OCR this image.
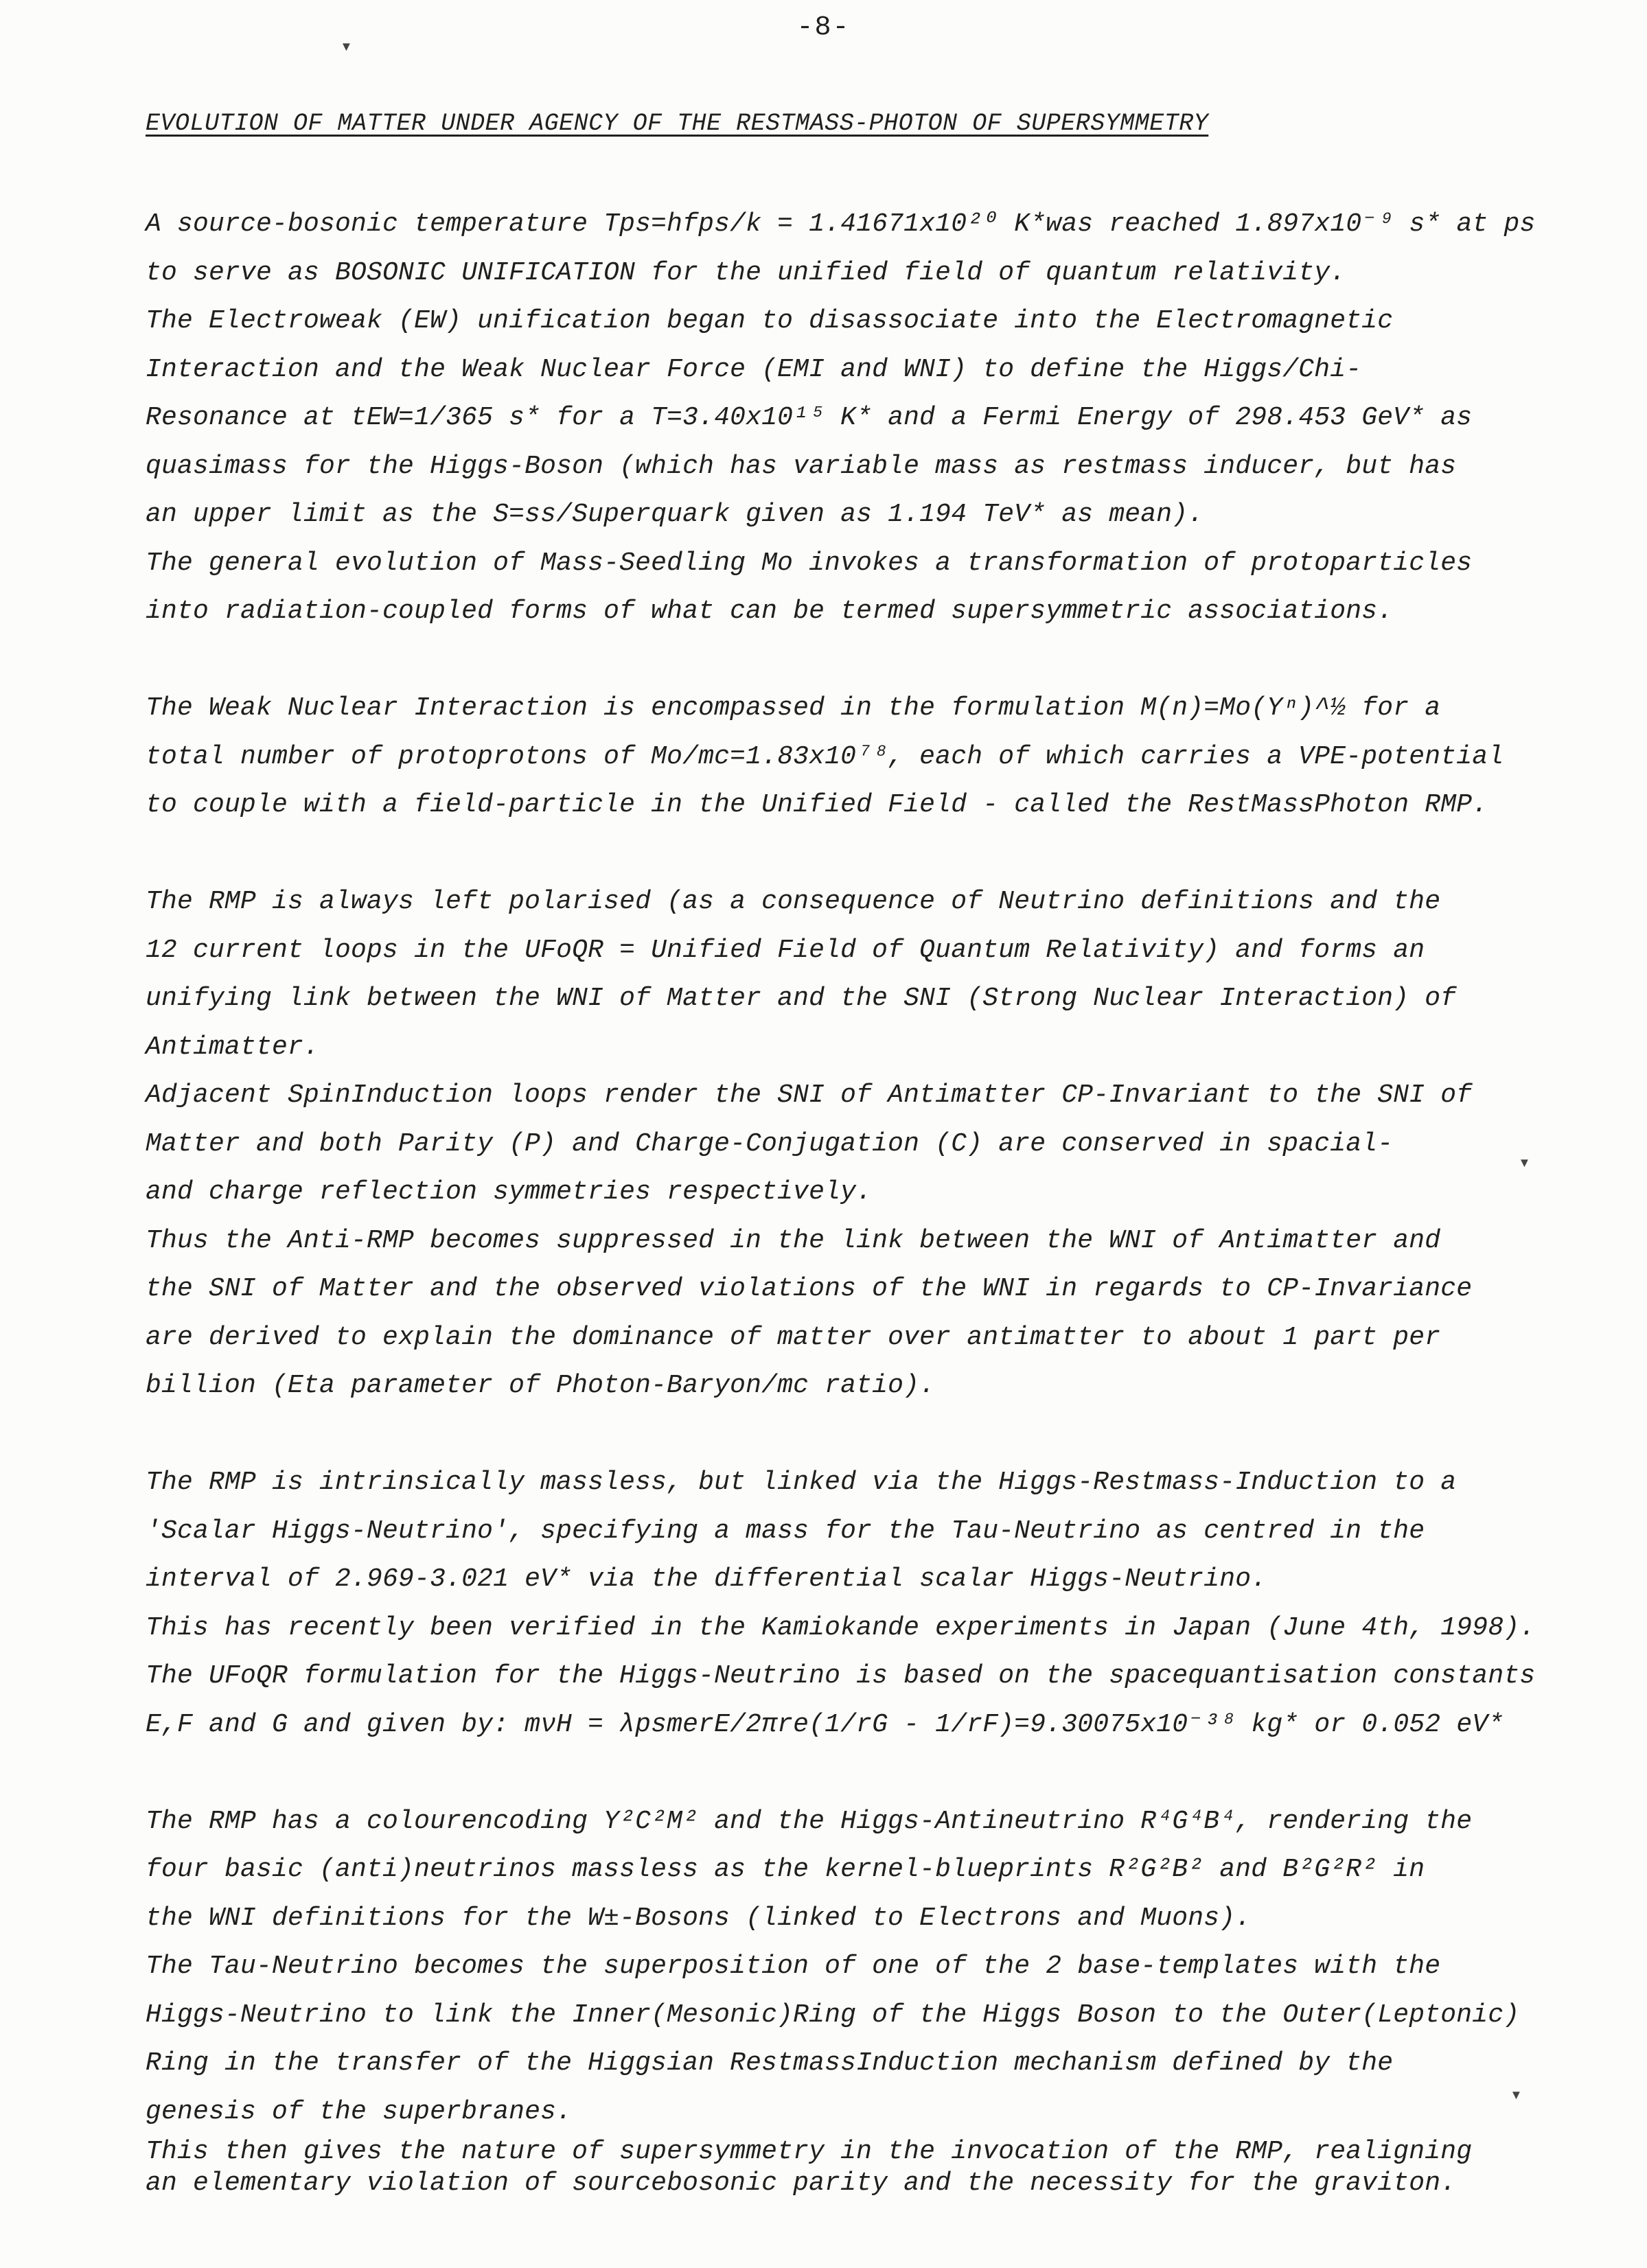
-8-
EVOLUTION OF MATTER UNDER AGENCY OF THE RESTMASS-PHOTON OF SUPERSYMMETRY
A source-bosonic temperature Tps=hfps/k = 1.41671x10²⁰ K*was reached 1.897x10⁻⁹ s* at ps
to serve as BOSONIC UNIFICATION for the unified field of quantum relativity.
The Electroweak (EW) unification began to disassociate into the Electromagnetic
Interaction and the Weak Nuclear Force (EMI and WNI) to define the Higgs/Chi-
Resonance at tEW=1/365 s* for a T=3.40x10¹⁵ K* and a Fermi Energy of 298.453 GeV* as
quasimass for the Higgs-Boson (which has variable mass as restmass inducer, but has
an upper limit as the S=ss/Superquark given as 1.194 TeV* as mean).
The general evolution of Mass-Seedling Mo invokes a transformation of protoparticles
into radiation-coupled forms of what can be termed supersymmetric associations.
The Weak Nuclear Interaction is encompassed in the formulation M(n)=Mo(Yⁿ)^½ for a
total number of protoprotons of Mo/mc=1.83x10⁷⁸, each of which carries a VPE-potential
to couple with a field-particle in the Unified Field - called the RestMassPhoton RMP.
The RMP is always left polarised (as a consequence of Neutrino definitions and the
12 current loops in the UFoQR = Unified Field of Quantum Relativity) and forms an
unifying link between the WNI of Matter and the SNI (Strong Nuclear Interaction) of
Antimatter.
Adjacent SpinInduction loops render the SNI of Antimatter CP-Invariant to the SNI of
Matter and both Parity (P) and Charge-Conjugation (C) are conserved in spacial-
and charge reflection symmetries respectively.
Thus the Anti-RMP becomes suppressed in the link between the WNI of Antimatter and
the SNI of Matter and the observed violations of the WNI in regards to CP-Invariance
are derived to explain the dominance of matter over antimatter to about 1 part per
billion (Eta parameter of Photon-Baryon/mc ratio).
The RMP is intrinsically massless, but linked via the Higgs-Restmass-Induction to a
'Scalar Higgs-Neutrino', specifying a mass for the Tau-Neutrino as centred in the
interval of 2.969-3.021 eV* via the differential scalar Higgs-Neutrino.
This has recently been verified in the Kamiokande experiments in Japan (June 4th, 1998).
The UFoQR formulation for the Higgs-Neutrino is based on the spacequantisation constants
E,F and G and given by: mνH = λpsmerE/2πre(1/rG - 1/rF)=9.30075x10⁻³⁸ kg* or 0.052 eV*
The RMP has a colourencoding Y²C²M² and the Higgs-Antineutrino R⁴G⁴B⁴, rendering the
four basic (anti)neutrinos massless as the kernel-blueprints R²G²B² and B²G²R² in
the WNI definitions for the W±-Bosons (linked to Electrons and Muons).
The Tau-Neutrino becomes the superposition of one of the 2 base-templates with the
Higgs-Neutrino to link the Inner(Mesonic)Ring of the Higgs Boson to the Outer(Leptonic)
Ring in the transfer of the Higgsian RestmassInduction mechanism defined by the
genesis of the superbranes.
This then gives the nature of supersymmetry in the invocation of the RMP, realigning
an elementary violation of sourcebosonic parity and the necessity for the graviton.
▾
▾
▾
